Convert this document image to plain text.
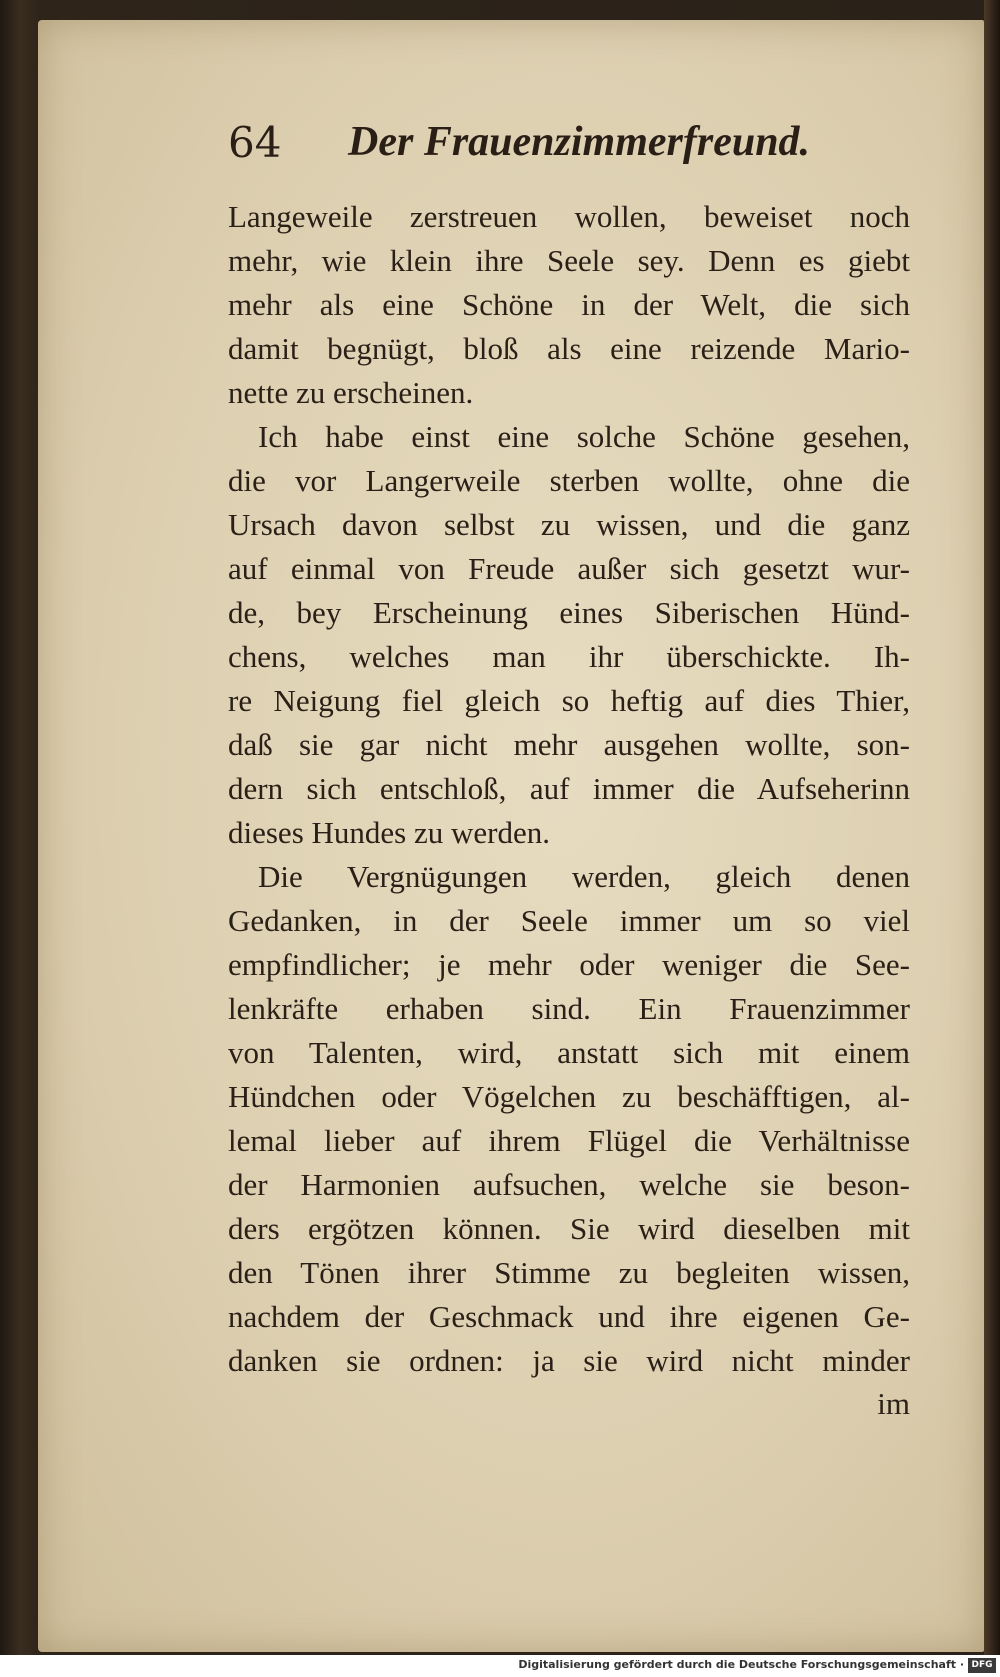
64 Der Frauenzimmerfreund.
Langeweile zerstreuen wollen, beweiset noch
mehr, wie klein ihre Seele sey. Denn es giebt
mehr als eine Schöne in der Welt, die sich
damit begnügt, bloß als eine reizende Mario-
nette zu erscheinen.
Ich habe einst eine solche Schöne gesehen,
die vor Langerweile sterben wollte, ohne die
Ursach davon selbst zu wissen, und die ganz
auf einmal von Freude außer sich gesetzt wur-
de, bey Erscheinung eines Siberischen Hünd-
chens, welches man ihr überschickte. Ih-
re Neigung fiel gleich so heftig auf dies Thier,
daß sie gar nicht mehr ausgehen wollte, son-
dern sich entschloß, auf immer die Aufseherinn
dieses Hundes zu werden.
Die Vergnügungen werden, gleich denen
Gedanken, in der Seele immer um so viel
empfindlicher; je mehr oder weniger die See-
lenkräfte erhaben sind. Ein Frauenzimmer
von Talenten, wird, anstatt sich mit einem
Hündchen oder Vögelchen zu beschäfftigen, al-
lemal lieber auf ihrem Flügel die Verhältnisse
der Harmonien aufsuchen, welche sie beson-
ders ergötzen können. Sie wird dieselben mit
den Tönen ihrer Stimme zu begleiten wissen,
nachdem der Geschmack und ihre eigenen Ge-
danken sie ordnen: ja sie wird nicht minder
im
Digitalisierung gefördert durch die Deutsche Forschungsgemeinschaft · DFG
